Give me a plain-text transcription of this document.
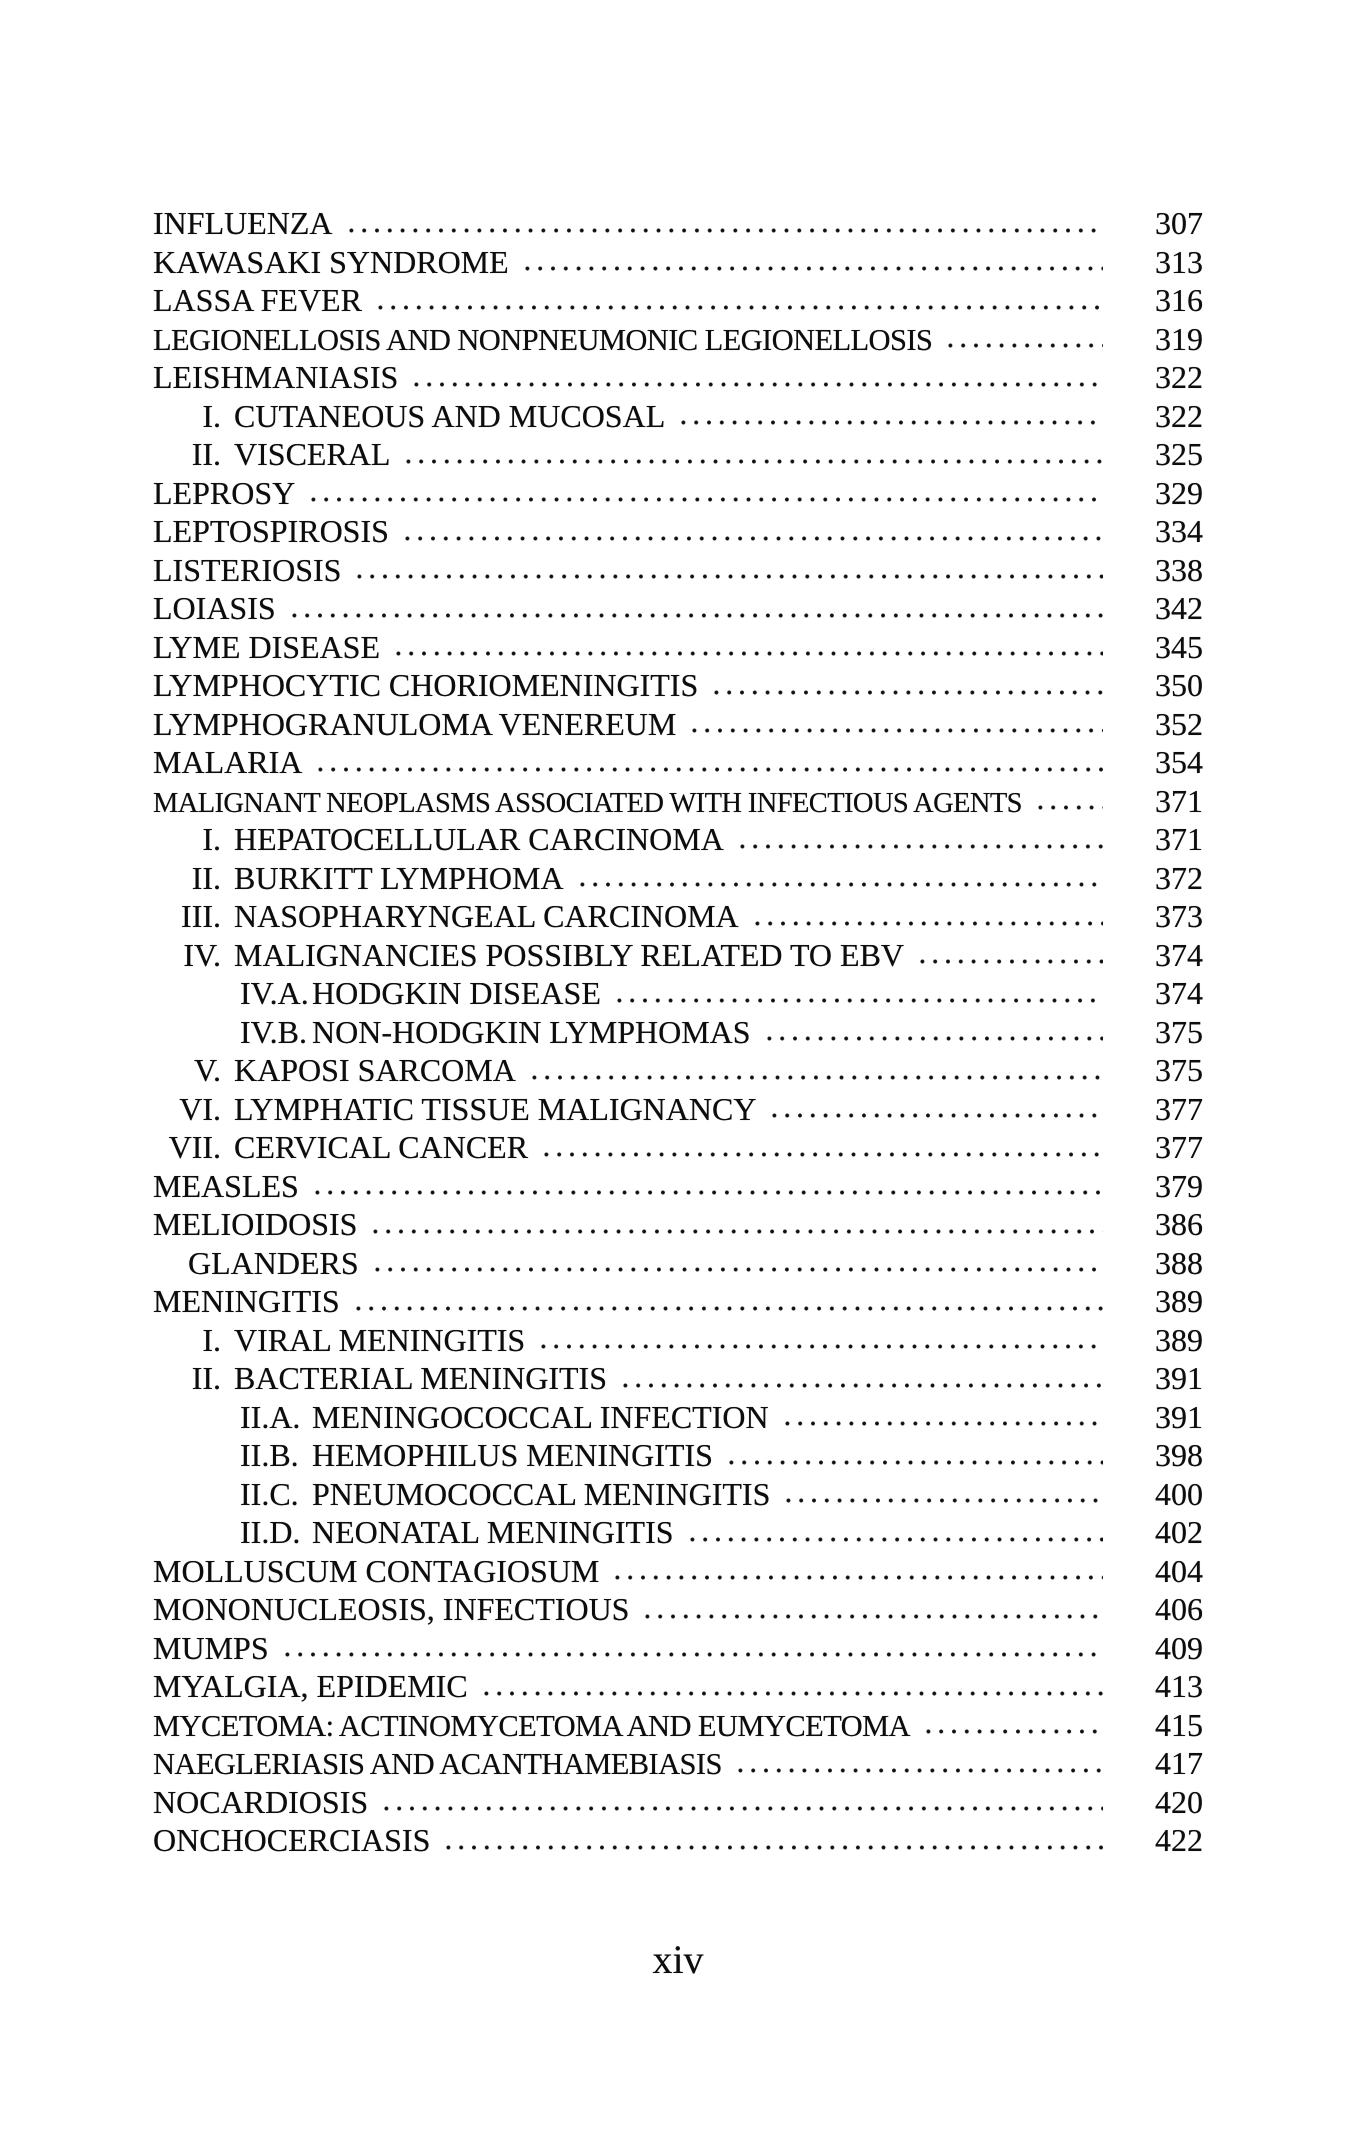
INFLUENZA	307
KAWASAKI SYNDROME	313
LASSA FEVER	316
LEGIONELLOSIS AND NONPNEUMONIC LEGIONELLOSIS	319
LEISHMANIASIS	322
I. CUTANEOUS AND MUCOSAL	322
II. VISCERAL	325
LEPROSY	329
LEPTOSPIROSIS	334
LISTERIOSIS	338
LOIASIS	342
LYME DISEASE	345
LYMPHOCYTIC CHORIOMENINGITIS	350
LYMPHOGRANULOMA VENEREUM	352
MALARIA	354
MALIGNANT NEOPLASMS ASSOCIATED WITH INFECTIOUS AGENTS	371
I. HEPATOCELLULAR CARCINOMA	371
II. BURKITT LYMPHOMA	372
III. NASOPHARYNGEAL CARCINOMA	373
IV. MALIGNANCIES POSSIBLY RELATED TO EBV	374
IV.A. HODGKIN DISEASE	374
IV.B. NON-HODGKIN LYMPHOMAS	375
V. KAPOSI SARCOMA	375
VI. LYMPHATIC TISSUE MALIGNANCY	377
VII. CERVICAL CANCER	377
MEASLES	379
MELIOIDOSIS	386
GLANDERS	388
MENINGITIS	389
I. VIRAL MENINGITIS	389
II. BACTERIAL MENINGITIS	391
II.A. MENINGOCOCCAL INFECTION	391
II.B. HEMOPHILUS MENINGITIS	398
II.C. PNEUMOCOCCAL MENINGITIS	400
II.D. NEONATAL MENINGITIS	402
MOLLUSCUM CONTAGIOSUM	404
MONONUCLEOSIS, INFECTIOUS	406
MUMPS	409
MYALGIA, EPIDEMIC	413
MYCETOMA: ACTINOMYCETOMA AND EUMYCETOMA	415
NAEGLERIASIS AND ACANTHAMEBIASIS	417
NOCARDIOSIS	420
ONCHOCERCIASIS	422
xiv
